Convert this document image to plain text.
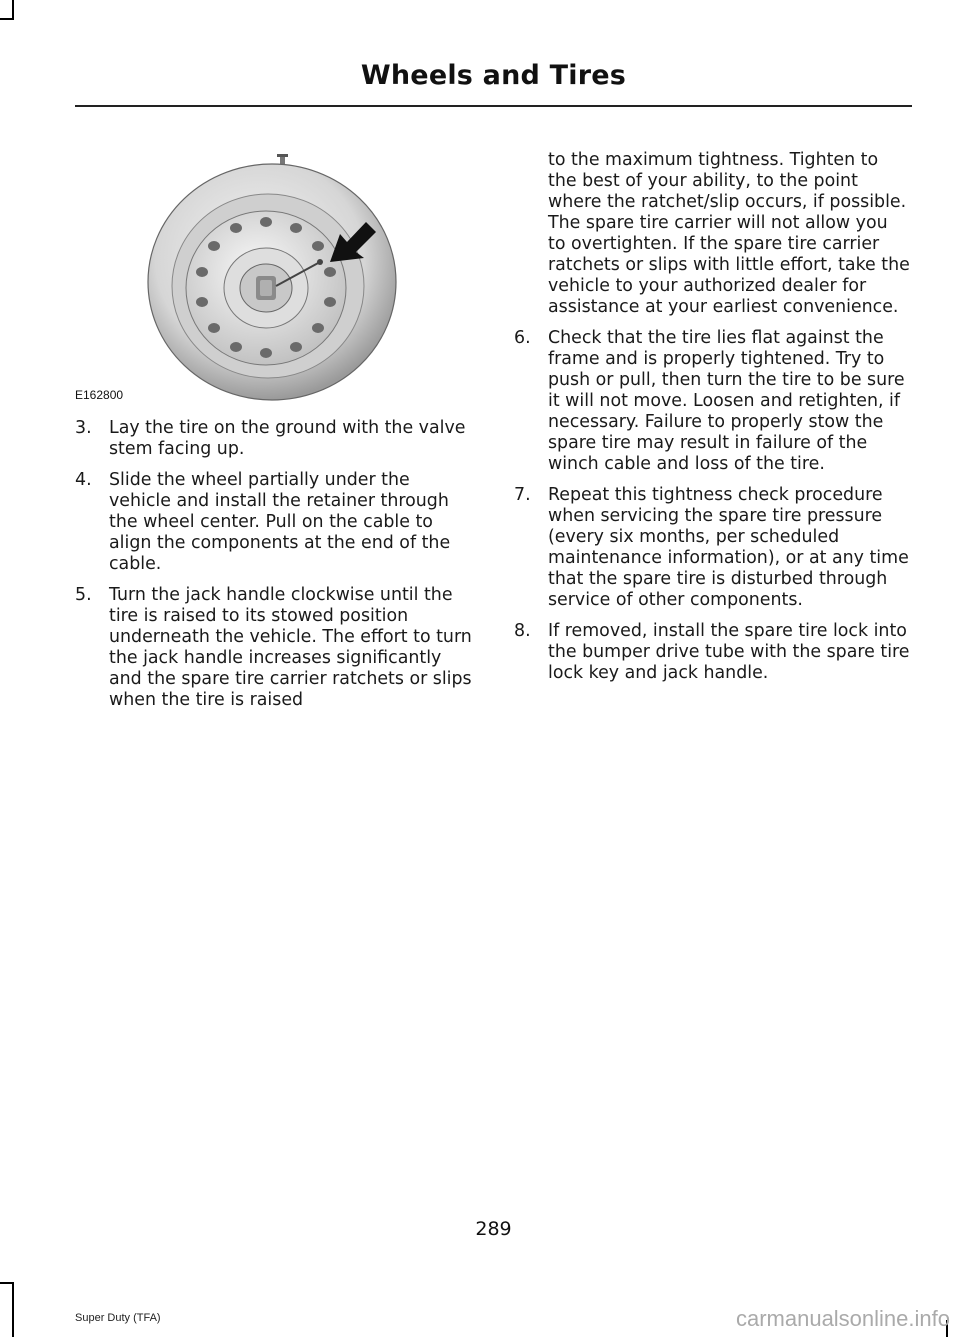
Wheels and Tires
E162800
3. Lay the tire on the ground with the valve stem facing up.
4. Slide the wheel partially under the vehicle and install the retainer through the wheel center. Pull on the cable to align the components at the end of the cable.
5. Turn the jack handle clockwise until the tire is raised to its stowed position underneath the vehicle. The effort to turn the jack handle increases significantly and the spare tire carrier ratchets or slips when the tire is raised
to the maximum tightness. Tighten to the best of your ability, to the point where the ratchet/slip occurs, if possible. The spare tire carrier will not allow you to overtighten. If the spare tire carrier ratchets or slips with little effort, take the vehicle to your authorized dealer for assistance at your earliest convenience.
6. Check that the tire lies flat against the frame and is properly tightened. Try to push or pull, then turn the tire to be sure it will not move. Loosen and retighten, if necessary. Failure to properly stow the spare tire may result in failure of the winch cable and loss of the tire.
7. Repeat this tightness check procedure when servicing the spare tire pressure (every six months, per scheduled maintenance information), or at any time that the spare tire is disturbed through service of other components.
8. If removed, install the spare tire lock into the bumper drive tube with the spare tire lock key and jack handle.
289
Super Duty (TFA)	carmanualsonline.info
